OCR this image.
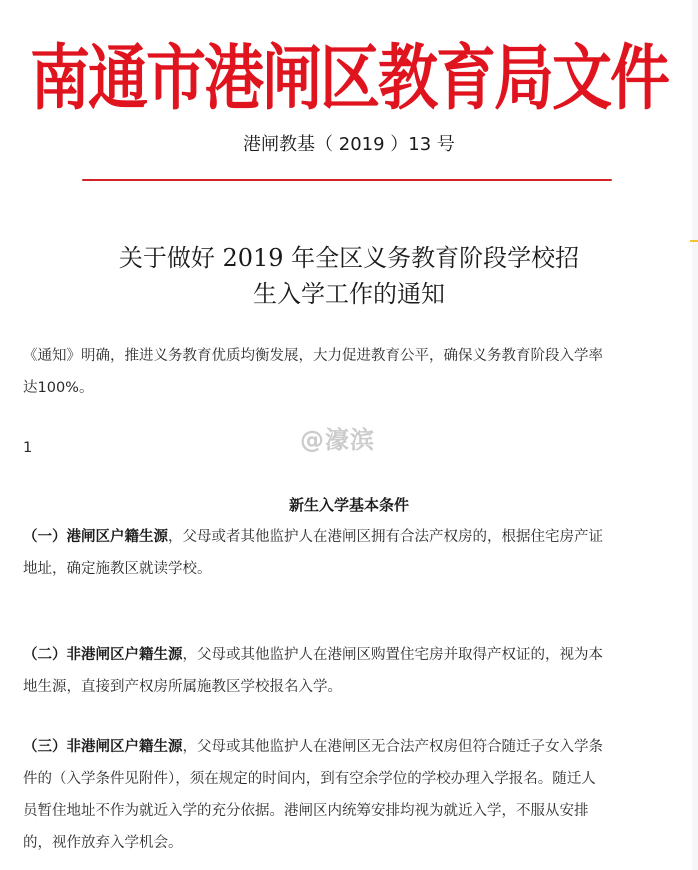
南通市港闸区教育局文件
港闸教基（ 2019 ）13 号
关于做好 2019 年全区义务教育阶段学校招
生入学工作的通知
《通知》明确，推进义务教育优质均衡发展，大力促进教育公平，确保义务教育阶段入学率
达100%。
1	@濠滨
新生入学基本条件
（一）港闸区户籍生源，父母或者其他监护人在港闸区拥有合法产权房的，根据住宅房产证
地址，确定施教区就读学校。
（二）非港闸区户籍生源，父母或其他监护人在港闸区购置住宅房并取得产权证的，视为本
地生源，直接到产权房所属施教区学校报名入学。
（三）非港闸区户籍生源，父母或其他监护人在港闸区无合法产权房但符合随迁子女入学条
件的（入学条件见附件），须在规定的时间内，到有空余学位的学校办理入学报名。随迁人
员暂住地址不作为就近入学的充分依据。港闸区内统筹安排均视为就近入学，不服从安排
的，视作放弃入学机会。
